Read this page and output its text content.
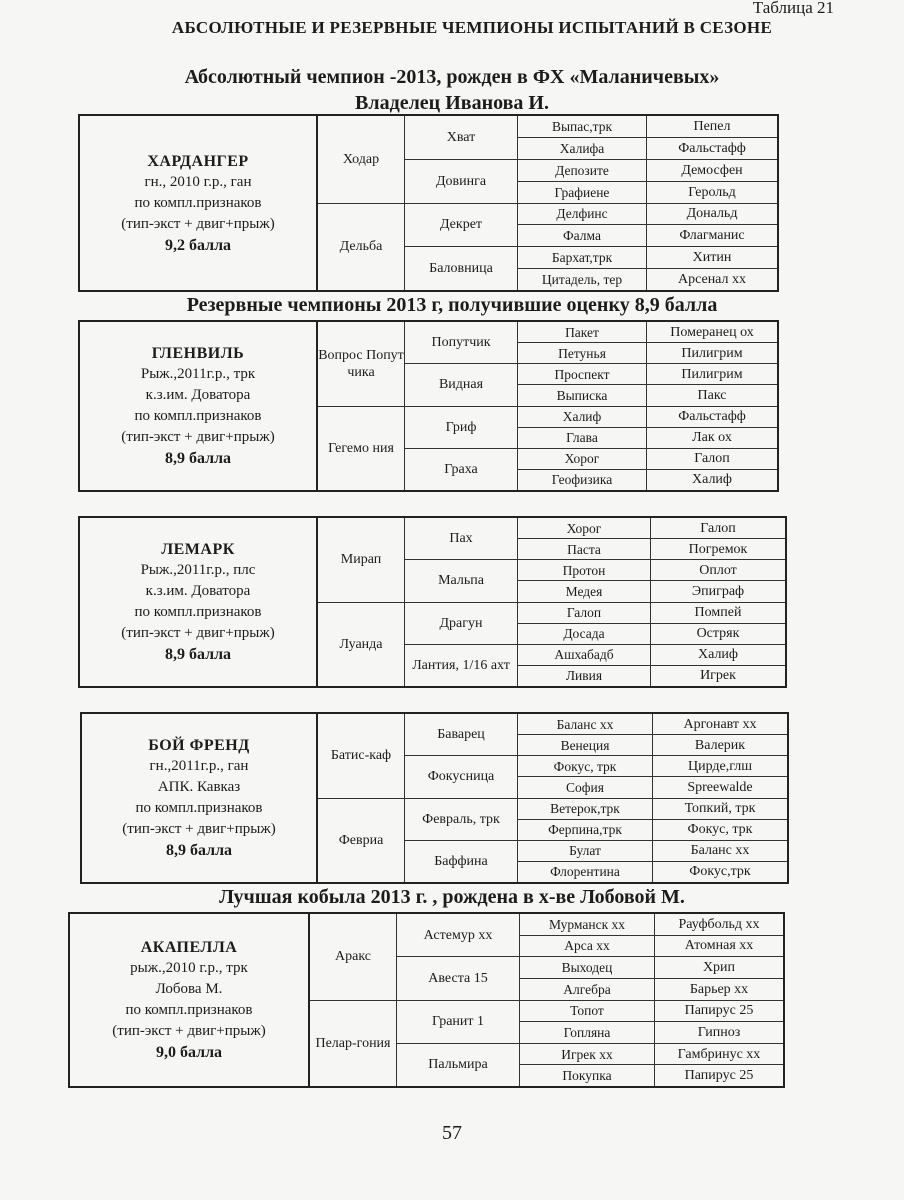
Таблица 21
АБСОЛЮТНЫЕ И РЕЗЕРВНЫЕ ЧЕМПИОНЫ ИСПЫТАНИЙ В СЕЗОНЕ
Абсолютный чемпион -2013, рожден в ФХ «Маланичевых»
Владелец Иванова И.
Резервные чемпионы 2013 г, получившие оценку 8,9 балла
Лучшая кобыла 2013 г. , рождена в х-ве Лобовой М.
ХАРДАНГЕР
гн., 2010 г.р., ган
по компл.признаков
(тип-экст + двиг+прыж)
9,2 балла
Ходар
Дельба
Хват
Довинга
Декрет
Баловница
Выпас,трк
Халифа
Депозите
Графиене
Делфинс
Фалма
Бархат,трк
Цитадель, тер
Пепел
Фальстафф
Демосфен
Герольд
Дональд
Флагманис
Хитин
Арсенал хх
ГЛЕНВИЛЬ
Рыж.,2011г.р., трк
к.з.им. Доватора
по компл.признаков
(тип-экст + двиг+прыж)
8,9 балла
Вопрос Попут чика
Гегемо ния
Попутчик
Видная
Гриф
Граха
Пакет
Петунья
Проспект
Выписка
Халиф
Глава
Хорог
Геофизика
Померанец ох
Пилигрим
Пилигрим
Пакс
Фальстафф
Лак ох
Галоп
Халиф
ЛЕМАРК
Рыж.,2011г.р., плс
к.з.им. Доватора
по компл.признаков
(тип-экст + двиг+прыж)
8,9 балла
Мирап
Луанда
Пах
Мальпа
Драгун
Лантия, 1/16 ахт
Хорог
Паста
Протон
Медея
Галоп
Досада
Ашхабадб
Ливия
Галоп
Погремок
Оплот
Эпиграф
Помпей
Остряк
Халиф
Игрек
БОЙ ФРЕНД
гн.,2011г.р., ган
АПК. Кавказ
по компл.признаков
(тип-экст + двиг+прыж)
8,9 балла
Батис-каф
Февриа
Баварец
Фокусница
Февраль, трк
Баффина
Баланс хх
Венеция
Фокус, трк
София
Ветерок,трк
Ферпина,трк
Булат
Флорентина
Аргонавт хх
Валерик
Цирде,глш
Spreewalde
Топкий, трк
Фокус, трк
Баланс хх
Фокус,трк
АКАПЕЛЛА
рыж.,2010 г.р., трк
Лобова М.
по компл.признаков
(тип-экст + двиг+прыж)
9,0 балла
Аракс
Пелар-гония
Астемур хх
Авеста 15
Гранит 1
Пальмира
Мурманск хх
Арса хх
Выходец
Алгебра
Топот
Гопляна
Игрек хх
Покупка
Рауфбольд хх
Атомная хх
Хрип
Барьер хх
Папирус 25
Гипноз
Гамбринус хх
Папирус 25
57
